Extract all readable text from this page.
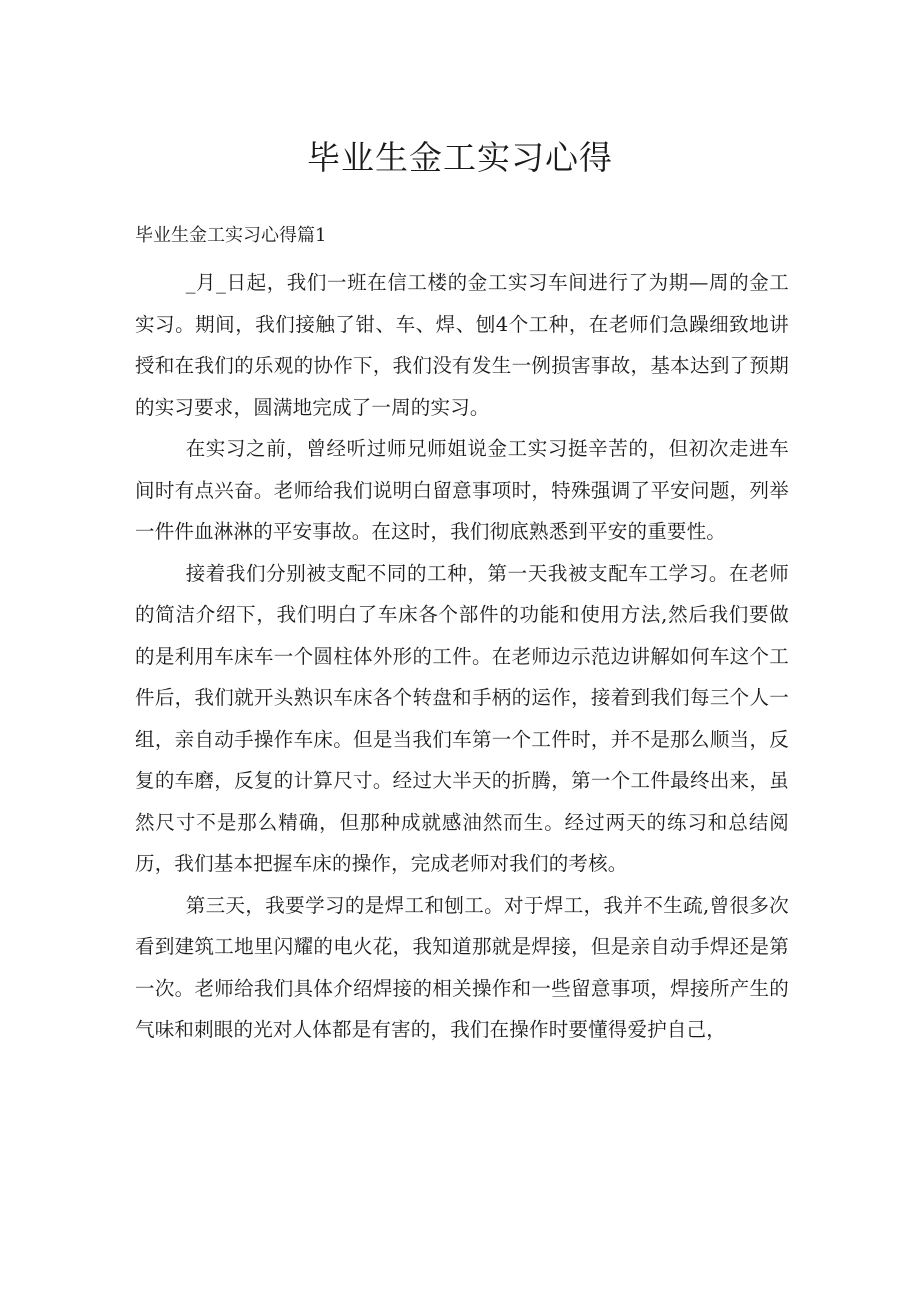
毕业生金工实习心得
毕业生金工实习心得篇1

_月_日起，我们一班在信工楼的金工实习车间进行了为期—周的金工实习。期间，我们接触了钳、车、焊、刨4个工种，在老师们急躁细致地讲授和在我们的乐观的协作下，我们没有发生一例损害事故，基本达到了预期的实习要求，圆满地完成了一周的实习。

在实习之前，曾经听过师兄师姐说金工实习挺辛苦的，但初次走进车间时有点兴奋。老师给我们说明白留意事项时，特殊强调了平安问题，列举一件件血淋淋的平安事故。在这时，我们彻底熟悉到平安的重要性。

接着我们分别被支配不同的工种，第一天我被支配车工学习。在老师的简洁介绍下，我们明白了车床各个部件的功能和使用方法,然后我们要做的是利用车床车一个圆柱体外形的工件。在老师边示范边讲解如何车这个工件后，我们就开头熟识车床各个转盘和手柄的运作，接着到我们每三个人一组，亲自动手操作车床。但是当我们车第一个工件时，并不是那么顺当，反复的车磨，反复的计算尺寸。经过大半天的折腾，第一个工件最终出来，虽然尺寸不是那么精确，但那种成就感油然而生。经过两天的练习和总结阅历，我们基本把握车床的操作，完成老师对我们的考核。

第三天，我要学习的是焊工和刨工。对于焊工，我并不生疏,曾很多次看到建筑工地里闪耀的电火花，我知道那就是焊接，但是亲自动手焊还是第一次。老师给我们具体介绍焊接的相关操作和一些留意事项，焊接所产生的气味和刺眼的光对人体都是有害的，我们在操作时要懂得爱护自己，
